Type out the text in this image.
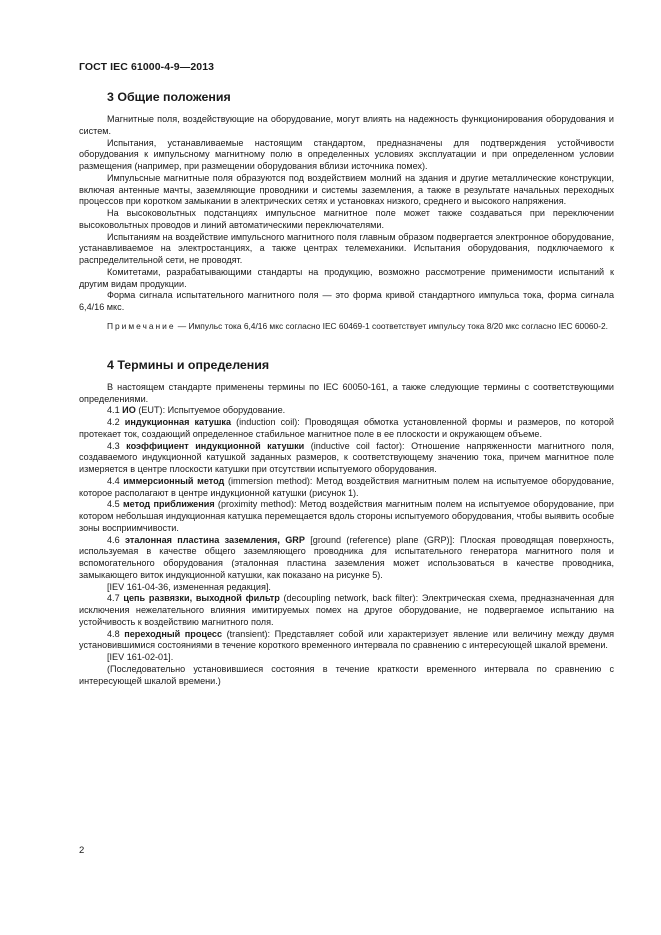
ГОСТ IEC 61000-4-9—2013
3 Общие положения

Магнитные поля, воздействующие на оборудование, могут влиять на надежность функционирования оборудования и систем.

Испытания, устанавливаемые настоящим стандартом, предназначены для подтверждения устойчивости оборудования к импульсному магнитному полю в определенных условиях эксплуатации и при определенном условии размещения (например, при размещении оборудования вблизи источника помех).

Импульсные магнитные поля образуются под воздействием молний на здания и другие металлические конструкции, включая антенные мачты, заземляющие проводники и системы заземления, а также в результате начальных переходных процессов при коротком замыкании в электрических сетях и установках низкого, среднего и высокого напряжения.

На высоковольтных подстанциях импульсное магнитное поле может также создаваться при переключении высоковольтных проводов и линий автоматическими переключателями.

Испытаниям на воздействие импульсного магнитного поля главным образом подвергается электронное оборудование, устанавливаемое на электростанциях, а также центрах телемеханики. Испытания оборудования, подключаемого к распределительной сети, не проводят.

Комитетами, разрабатывающими стандарты на продукцию, возможно рассмотрение применимости испытаний к другим видам продукции.

Форма сигнала испытательного магнитного поля — это форма кривой стандартного импульса тока, форма сигнала 6,4/16 мкс.

Примечание — Импульс тока 6,4/16 мкс согласно IEC 60469-1 соответствует импульсу тока 8/20 мкс согласно IEC 60060-2.

4 Термины и определения

В настоящем стандарте применены термины по IEC 60050-161, а также следующие термины с соответствующими определениями.

4.1 ИО (EUT): Испытуемое оборудование.

4.2 индукционная катушка (induction coil): Проводящая обмотка установленной формы и размеров, по которой протекает ток, создающий определенное стабильное магнитное поле в ее плоскости и окружающем объеме.

4.3 коэффициент индукционной катушки (inductive coil factor): Отношение напряженности магнитного поля, создаваемого индукционной катушкой заданных размеров, к соответствующему значению тока, причем магнитное поле измеряется в центре плоскости катушки при отсутствии испытуемого оборудования.

4.4 иммерсионный метод (immersion method): Метод воздействия магнитным полем на испытуемое оборудование, которое располагают в центре индукционной катушки (рисунок 1).

4.5 метод приближения (proximity method): Метод воздействия магнитным полем на испытуемое оборудование, при котором небольшая индукционная катушка перемещается вдоль стороны испытуемого оборудования, чтобы выявить особые зоны восприимчивости.

4.6 эталонная пластина заземления, GRP [ground (reference) plane (GRP)]: Плоская проводящая поверхность, используемая в качестве общего заземляющего проводника для испытательного генератора магнитного поля и вспомогательного оборудования (эталонная пластина заземления может использоваться в качестве проводника, замыкающего виток индукционной катушки, как показано на рисунке 5).

[IEV 161-04-36, измененная редакция].

4.7 цепь развязки, выходной фильтр (decoupling network, back filter): Электрическая схема, предназначенная для исключения нежелательного влияния имитируемых помех на другое оборудование, не подвергаемое испытанию на устойчивость к воздействию магнитного поля.

4.8 переходный процесс (transient): Представляет собой или характеризует явление или величину между двумя установившимися состояниями в течение короткого временного интервала по сравнению с интересующей шкалой времени.

[IEV 161-02-01].

(Последовательно установившиеся состояния в течение краткости временного интервала по сравнению с интересующей шкалой времени.)

2
